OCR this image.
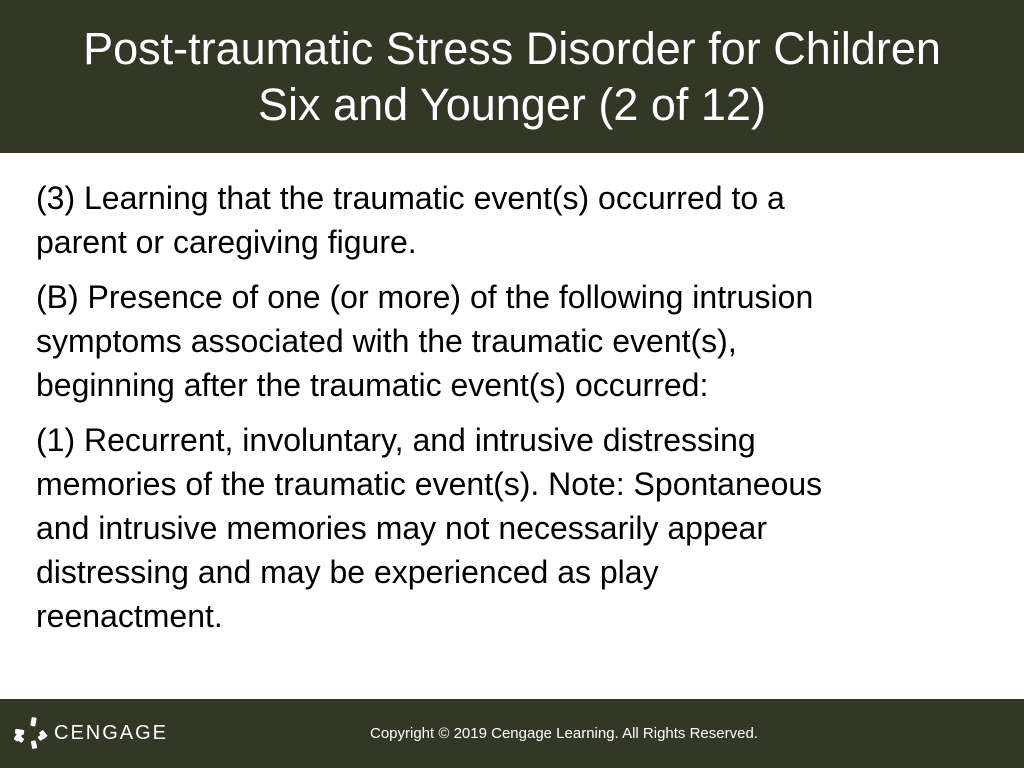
Post-traumatic Stress Disorder for Children
Six and Younger (2 of 12)

(3) Learning that the traumatic event(s) occurred to a
parent or caregiving figure.

(B) Presence of one (or more) of the following intrusion
symptoms associated with the traumatic event(s),
beginning after the traumatic event(s) occurred:

(1) Recurrent, involuntary, and intrusive distressing
memories of the traumatic event(s). Note: Spontaneous
and intrusive memories may not necessarily appear
distressing and may be experienced as play
reenactment.

CENGAGE	Copyright © 2019 Cengage Learning. All Rights Reserved.
